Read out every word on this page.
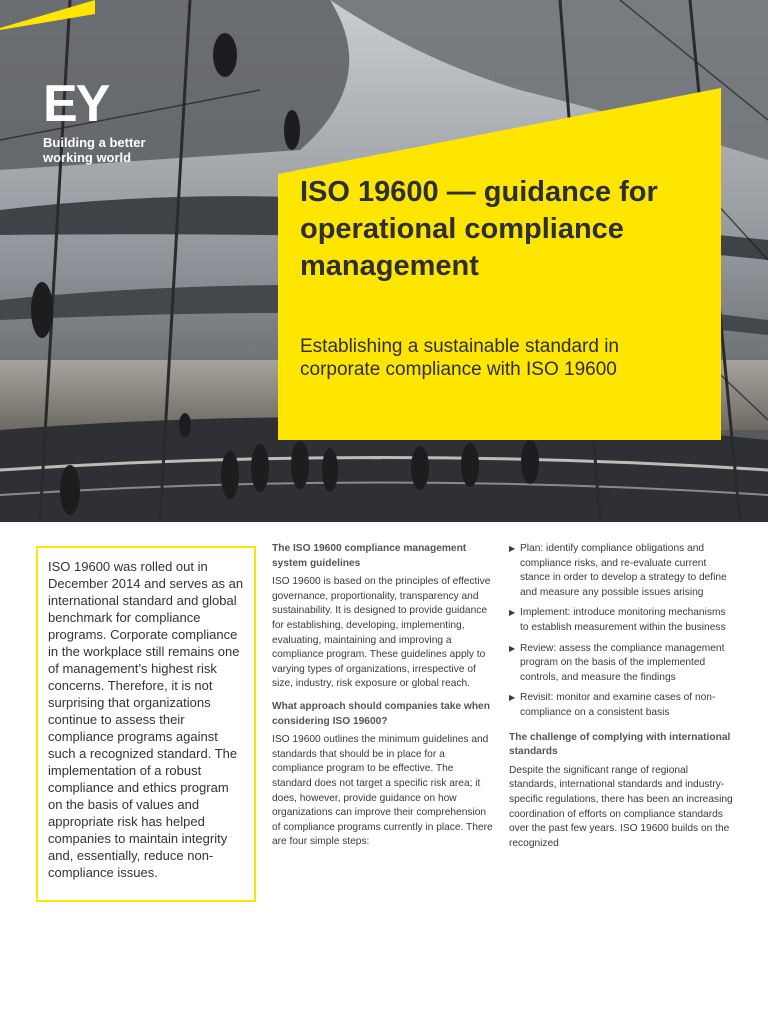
EY
Building a better working world
ISO 19600 — guidance for operational compliance management

Establishing a sustainable standard in corporate compliance with ISO 19600

ISO 19600 was rolled out in December 2014 and serves as an international standard and global benchmark for compliance programs. Corporate compliance in the workplace still remains one of management’s highest risk concerns. Therefore, it is not surprising that organizations continue to assess their compliance programs against such a recognized standard. The implementation of a robust compliance and ethics program on the basis of values and appropriate risk has helped companies to maintain integrity and, essentially, reduce non-compliance issues.

The ISO 19600 compliance management system guidelines

ISO 19600 is based on the principles of effective governance, proportionality, transparency and sustainability. It is designed to provide guidance for establishing, developing, implementing, evaluating, maintaining and improving a compliance program. These guidelines apply to varying types of organizations, irrespective of size, industry, risk exposure or global reach.

What approach should companies take when considering ISO 19600?

ISO 19600 outlines the minimum guidelines and standards that should be in place for a compliance program to be effective. The standard does not target a specific risk area; it does, however, provide guidance on how organizations can improve their comprehension of compliance programs currently in place. There are four simple steps:

▶ Plan: identify compliance obligations and compliance risks, and re-evaluate current stance in order to develop a strategy to define and measure any possible issues arising
▶ Implement: introduce monitoring mechanisms to establish measurement within the business
▶ Review: assess the compliance management program on the basis of the implemented controls, and measure the findings
▶ Revisit: monitor and examine cases of non-compliance on a consistent basis
The challenge of complying with international standards

Despite the significant range of regional standards, international standards and industry-specific regulations, there has been an increasing coordination of efforts on compliance standards over the past few years. ISO 19600 builds on the recognized
